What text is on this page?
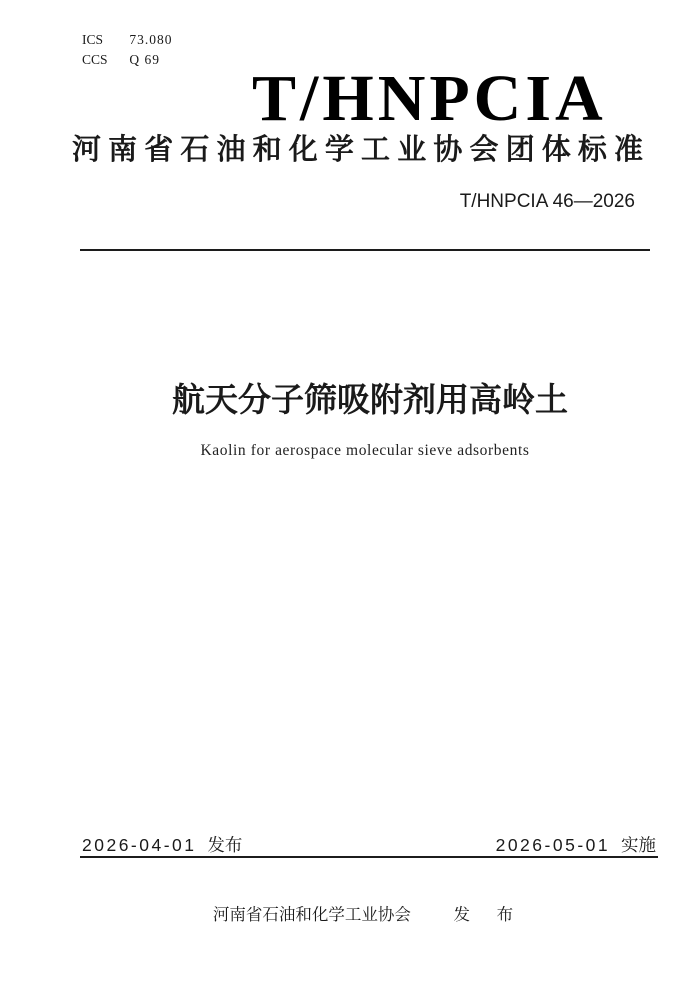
ICS 73.080
CCS Q 69
T/HNPCIA
河南省石油和化学工业协会团体标准
T/HNPCIA 46—2026
航天分子筛吸附剂用高岭土
Kaolin for aerospace molecular sieve adsorbents
2026-04-01 发布	2026-05-01 实施
河南省石油和化学工业协会	发 布
